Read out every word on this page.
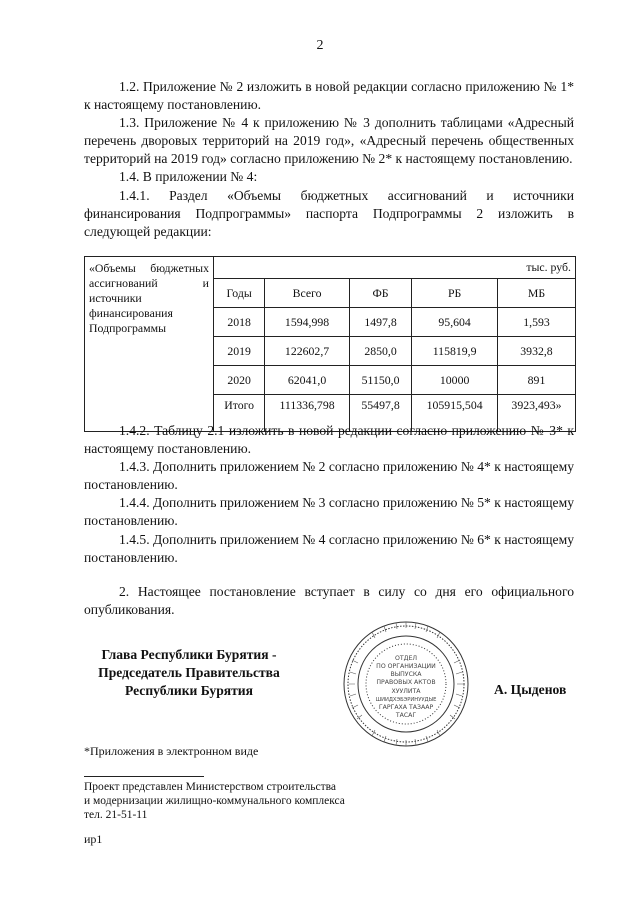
2

1.2. Приложение № 2 изложить в новой редакции согласно приложению № 1* к настоящему постановлению.

1.3. Приложение № 4 к приложению № 3 дополнить таблицами «Адресный перечень дворовых территорий на 2019 год», «Адресный перечень общественных территорий на 2019 год» согласно приложению № 2* к настоящему постановлению.

1.4. В приложении № 4:

1.4.1. Раздел «Объемы бюджетных ассигнований и источники финансирования Подпрограммы» паспорта Подпрограммы 2 изложить в следующей редакции:

«Объемы бюджетных ассигнований и источники финансирования Подпрограммы	тыс. руб.				
	Годы	Всего	ФБ	РБ	МБ
	2018	1594,998	1497,8	95,604	1,593
	2019	122602,7	2850,0	115819,9	3932,8
	2020	62041,0	51150,0	10000	891
	Итого	111336,798	55497,8	105915,504	3923,493»

1.4.2. Таблицу 2.1 изложить в новой редакции согласно приложению № 3* к настоящему постановлению.

1.4.3. Дополнить приложением № 2 согласно приложению № 4* к настоящему постановлению.

1.4.4. Дополнить приложением № 3 согласно приложению № 5* к настоящему постановлению.

1.4.5. Дополнить приложением № 4 согласно приложению № 6* к настоящему постановлению.

2. Настоящее постановление вступает в силу со дня его официального опубликования.

Глава Республики Бурятия -
Председатель Правительства
Республики Бурятия
ОТДЕЛ
ПО ОРГАНИЗАЦИИ
ВЫПУСКА
ПРАВОВЫХ АКТОВ
ХУУЛИТА
ШИИДХЭБЭРИНУУДЫЕ
ГАРГАХА ТАЗААР
ТАСАГ
А. Цыденов
*Приложения в электронном виде
Проект представлен Министерством строительства
и модернизации жилищно-коммунального комплекса
тел. 21-51-11
ир1
